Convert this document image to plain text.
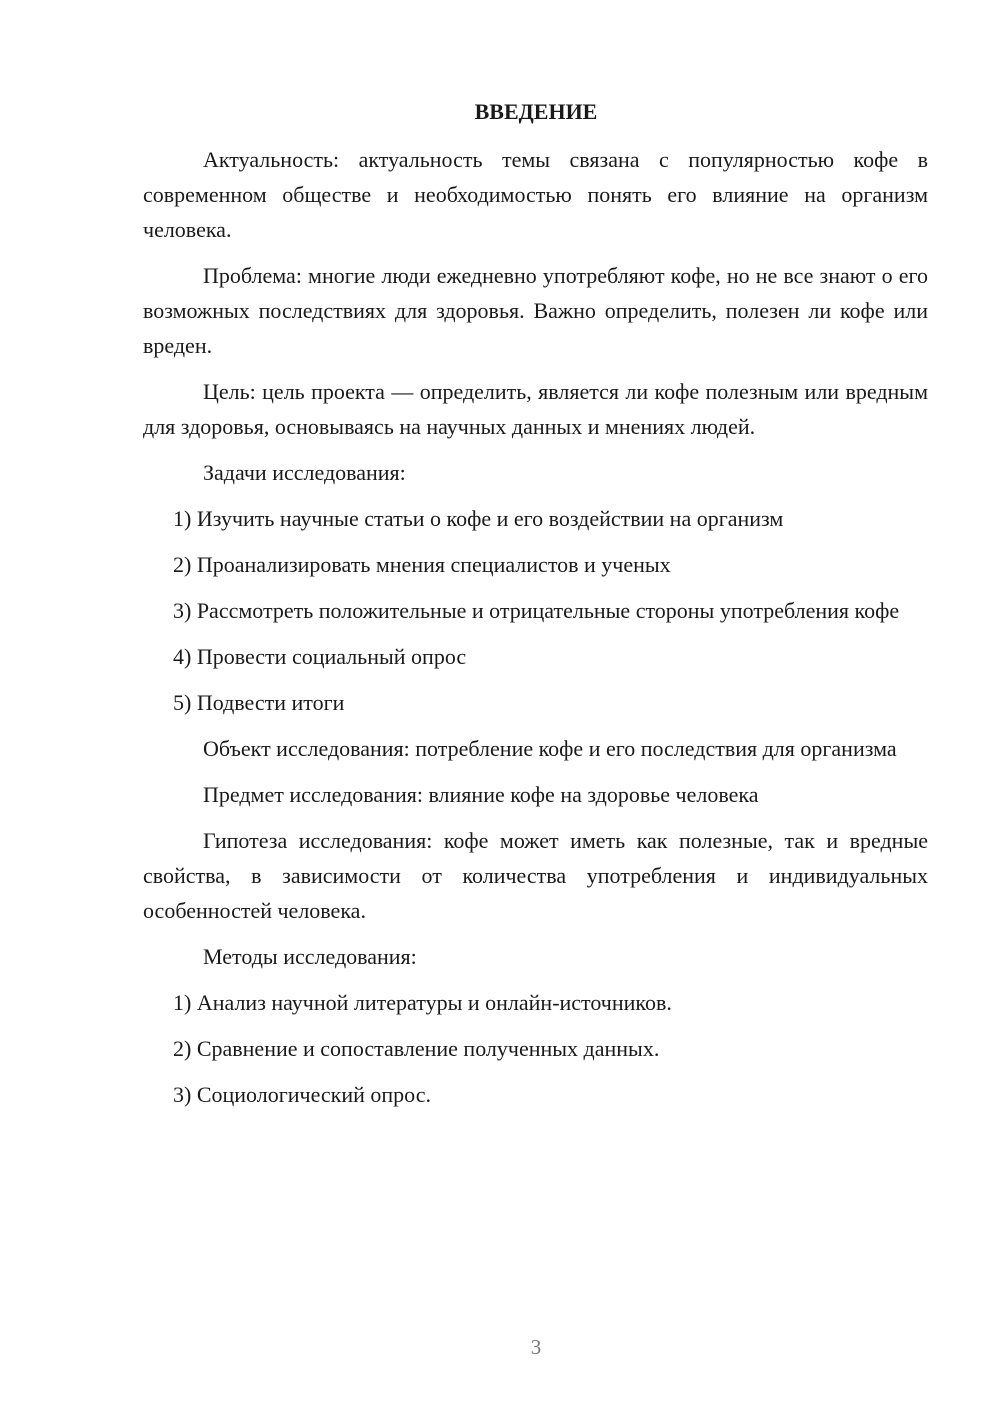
ВВЕДЕНИЕ

Актуальность: актуальность темы связана с популярностью кофе в современном обществе и необходимостью понять его влияние на организм человека.

Проблема: многие люди ежедневно употребляют кофе, но не все знают о его возможных последствиях для здоровья. Важно определить, полезен ли кофе или вреден.

Цель: цель проекта — определить, является ли кофе полезным или вредным для здоровья, основываясь на научных данных и мнениях людей.

Задачи исследования:

1) Изучить научные статьи о кофе и его воздействии на организм

2) Проанализировать мнения специалистов и ученых

3) Рассмотреть положительные и отрицательные стороны употребления кофе

4) Провести социальный опрос

5) Подвести итоги

Объект исследования: потребление кофе и его последствия для организма

Предмет исследования: влияние кофе на здоровье человека

Гипотеза исследования: кофе может иметь как полезные, так и вредные свойства, в зависимости от количества употребления и индивидуальных особенностей человека.

Методы исследования:

1) Анализ научной литературы и онлайн-источников.

2) Сравнение и сопоставление полученных данных.

3) Социологический опрос.

3
